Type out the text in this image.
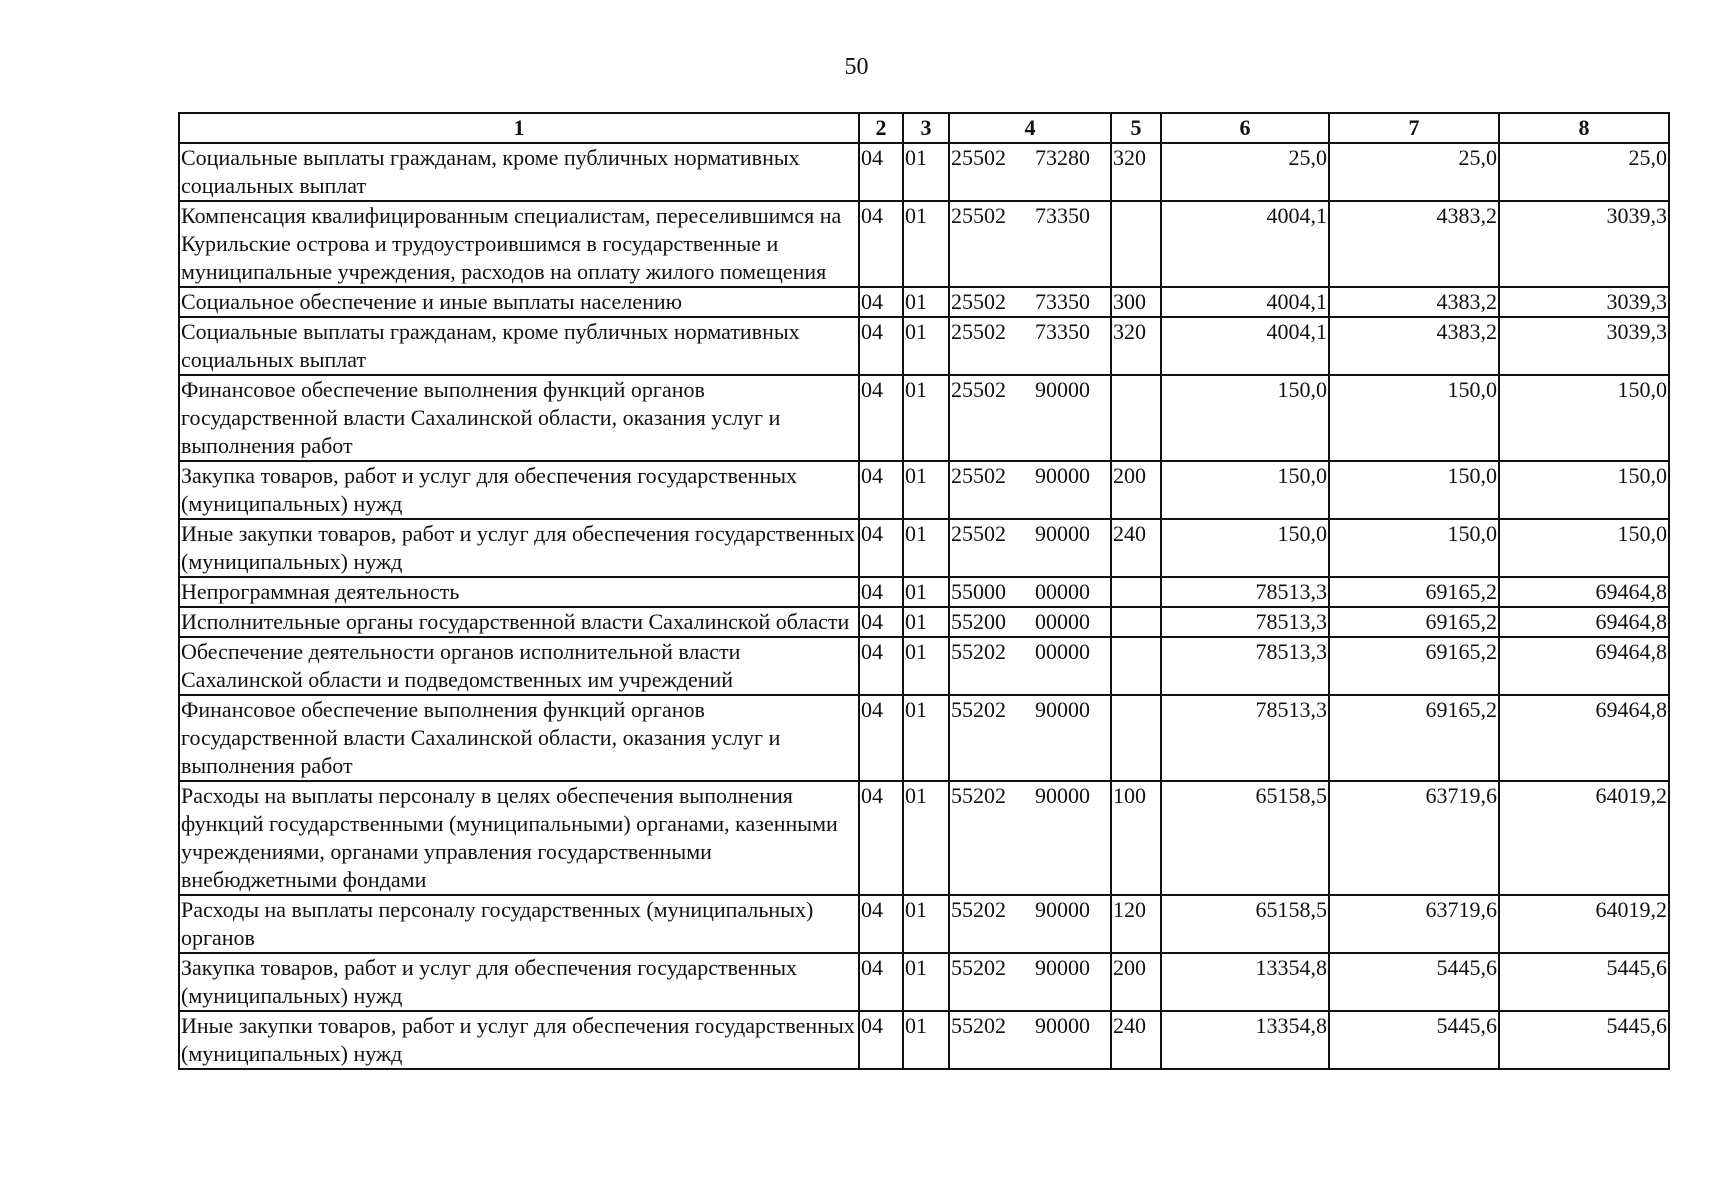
50
1	2	3	4	5	6	7	8
Социальные выплаты гражданам, кроме публичных нормативных социальных выплат	04	01	25502 73280	320	25,0	25,0	25,0
Компенсация квалифицированным специалистам, переселившимся на Курильские острова и трудоустроившимся в государственные и муниципальные учреждения, расходов на оплату жилого помещения	04	01	25502 73350		4004,1	4383,2	3039,3
Социальное обеспечение и иные выплаты населению	04	01	25502 73350	300	4004,1	4383,2	3039,3
Социальные выплаты гражданам, кроме публичных нормативных социальных выплат	04	01	25502 73350	320	4004,1	4383,2	3039,3
Финансовое обеспечение выполнения функций органов государственной власти Сахалинской области, оказания услуг и выполнения работ	04	01	25502 90000		150,0	150,0	150,0
Закупка товаров, работ и услуг для обеспечения государственных (муниципальных) нужд	04	01	25502 90000	200	150,0	150,0	150,0
Иные закупки товаров, работ и услуг для обеспечения государственных (муниципальных) нужд	04	01	25502 90000	240	150,0	150,0	150,0
Непрограммная деятельность	04	01	55000 00000		78513,3	69165,2	69464,8
Исполнительные органы государственной власти Сахалинской области	04	01	55200 00000		78513,3	69165,2	69464,8
Обеспечение деятельности органов исполнительной власти Сахалинской области и подведомственных им учреждений	04	01	55202 00000		78513,3	69165,2	69464,8
Финансовое обеспечение выполнения функций органов государственной власти Сахалинской области, оказания услуг и выполнения работ	04	01	55202 90000		78513,3	69165,2	69464,8
Расходы на выплаты персоналу в целях обеспечения выполнения функций государственными (муниципальными) органами, казенными учреждениями, органами управления государственными внебюджетными фондами	04	01	55202 90000	100	65158,5	63719,6	64019,2
Расходы на выплаты персоналу государственных (муниципальных) органов	04	01	55202 90000	120	65158,5	63719,6	64019,2
Закупка товаров, работ и услуг для обеспечения государственных (муниципальных) нужд	04	01	55202 90000	200	13354,8	5445,6	5445,6
Иные закупки товаров, работ и услуг для обеспечения государственных (муниципальных) нужд	04	01	55202 90000	240	13354,8	5445,6	5445,6
